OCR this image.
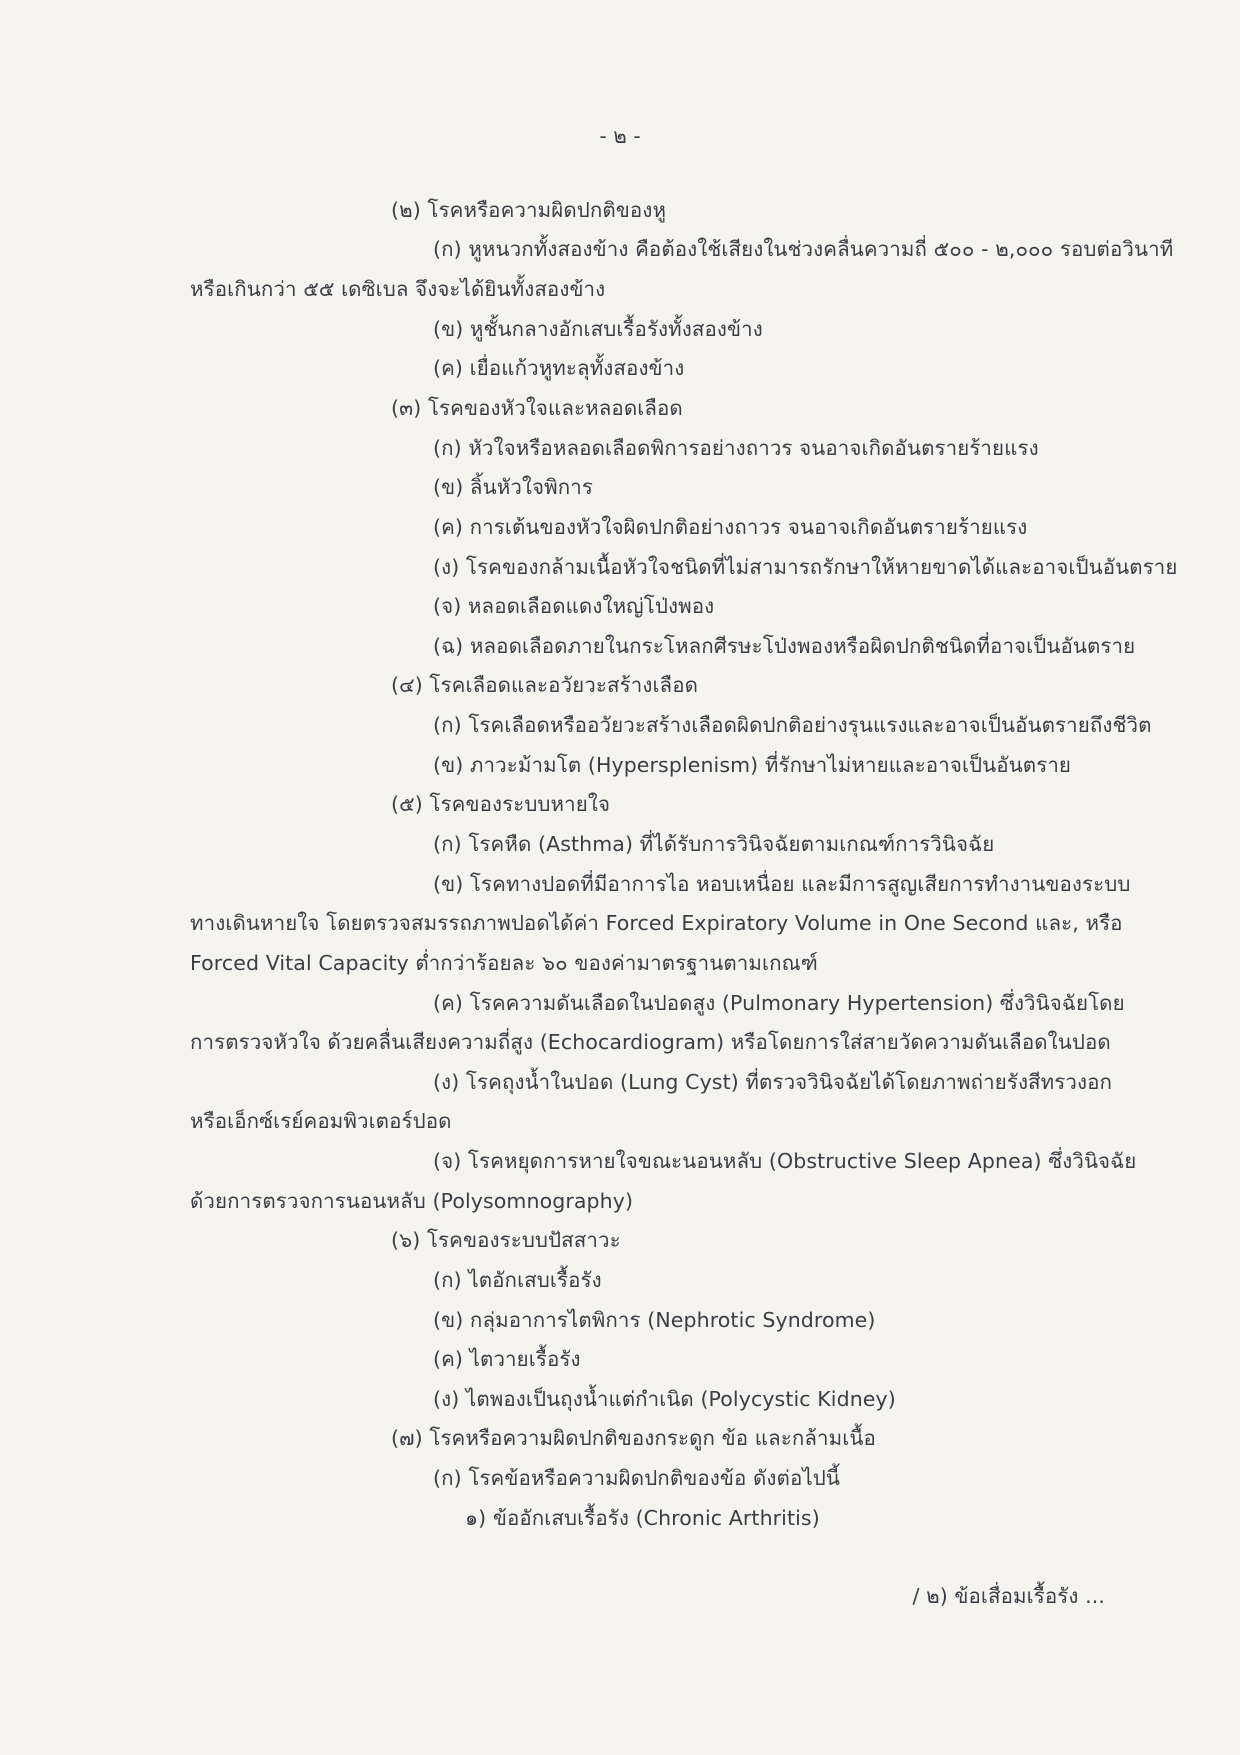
- ๒ -
(๒) โรคหรือความผิดปกติของหู
(ก) หูหนวกทั้งสองข้าง คือต้องใช้เสียงในช่วงคลื่นความถี่ ๕๐๐ - ๒,๐๐๐ รอบต่อวินาที
หรือเกินกว่า ๕๕ เดซิเบล จึงจะได้ยินทั้งสองข้าง
(ข) หูชั้นกลางอักเสบเรื้อรังทั้งสองข้าง
(ค) เยื่อแก้วหูทะลุทั้งสองข้าง
(๓) โรคของหัวใจและหลอดเลือด
(ก) หัวใจหรือหลอดเลือดพิการอย่างถาวร จนอาจเกิดอันตรายร้ายแรง
(ข) ลิ้นหัวใจพิการ
(ค) การเต้นของหัวใจผิดปกติอย่างถาวร จนอาจเกิดอันตรายร้ายแรง
(ง) โรคของกล้ามเนื้อหัวใจชนิดที่ไม่สามารถรักษาให้หายขาดได้และอาจเป็นอันตราย
(จ) หลอดเลือดแดงใหญ่โป่งพอง
(ฉ) หลอดเลือดภายในกระโหลกศีรษะโป่งพองหรือผิดปกติชนิดที่อาจเป็นอันตราย
(๔) โรคเลือดและอวัยวะสร้างเลือด
(ก) โรคเลือดหรืออวัยวะสร้างเลือดผิดปกติอย่างรุนแรงและอาจเป็นอันตรายถึงชีวิต
(ข) ภาวะม้ามโต (Hypersplenism) ที่รักษาไม่หายและอาจเป็นอันตราย
(๕) โรคของระบบหายใจ
(ก) โรคหืด (Asthma) ที่ได้รับการวินิจฉัยตามเกณฑ์การวินิจฉัย
(ข) โรคทางปอดที่มีอาการไอ หอบเหนื่อย และมีการสูญเสียการทำงานของระบบ
ทางเดินหายใจ โดยตรวจสมรรถภาพปอดได้ค่า Forced Expiratory Volume in One Second และ, หรือ
Forced Vital Capacity ต่ำกว่าร้อยละ ๖๐ ของค่ามาตรฐานตามเกณฑ์
(ค) โรคความดันเลือดในปอดสูง (Pulmonary Hypertension) ซึ่งวินิจฉัยโดย
การตรวจหัวใจ ด้วยคลื่นเสียงความถี่สูง (Echocardiogram) หรือโดยการใส่สายวัดความดันเลือดในปอด
(ง) โรคถุงน้ำในปอด (Lung Cyst) ที่ตรวจวินิจฉัยได้โดยภาพถ่ายรังสีทรวงอก
หรือเอ็กซ์เรย์คอมพิวเตอร์ปอด
(จ) โรคหยุดการหายใจขณะนอนหลับ (Obstructive Sleep Apnea) ซึ่งวินิจฉัย
ด้วยการตรวจการนอนหลับ (Polysomnography)
(๖) โรคของระบบปัสสาวะ
(ก) ไตอักเสบเรื้อรัง
(ข) กลุ่มอาการไตพิการ (Nephrotic Syndrome)
(ค) ไตวายเรื้อรัง
(ง) ไตพองเป็นถุงน้ำแต่กำเนิด (Polycystic Kidney)
(๗) โรคหรือความผิดปกติของกระดูก ข้อ และกล้ามเนื้อ
(ก) โรคข้อหรือความผิดปกติของข้อ ดังต่อไปนี้
๑) ข้ออักเสบเรื้อรัง (Chronic Arthritis)
/ ๒) ข้อเสื่อมเรื้อรัง ...
